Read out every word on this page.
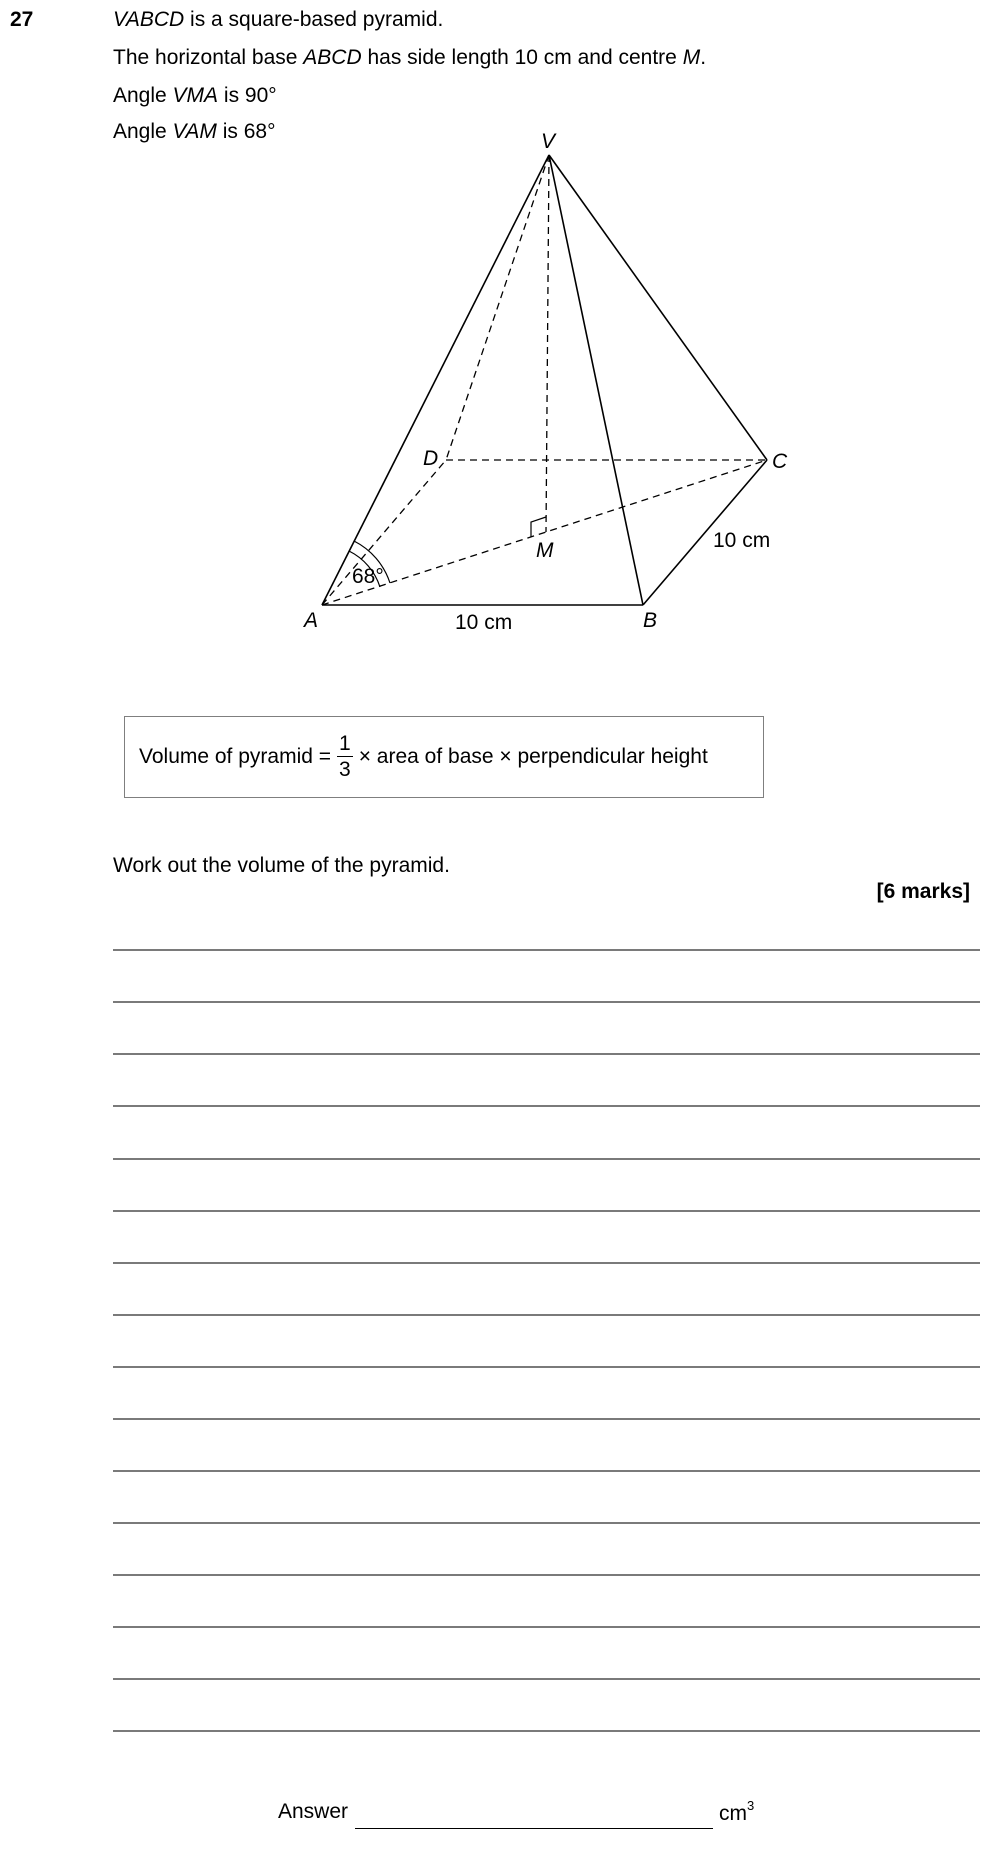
27	VABCD is a square-based pyramid.
The horizontal base ABCD has side length 10 cm and centre M.
Angle VMA is 90°
Angle VAM is 68°	V
D	C
M
A	B
68°
10 cm
10 cm
Volume of pyramid = $\frac{1}{3}$ × area of base × perpendicular height
Work out the volume of the pyramid.
[6 marks]
Answer	$cm^3$
